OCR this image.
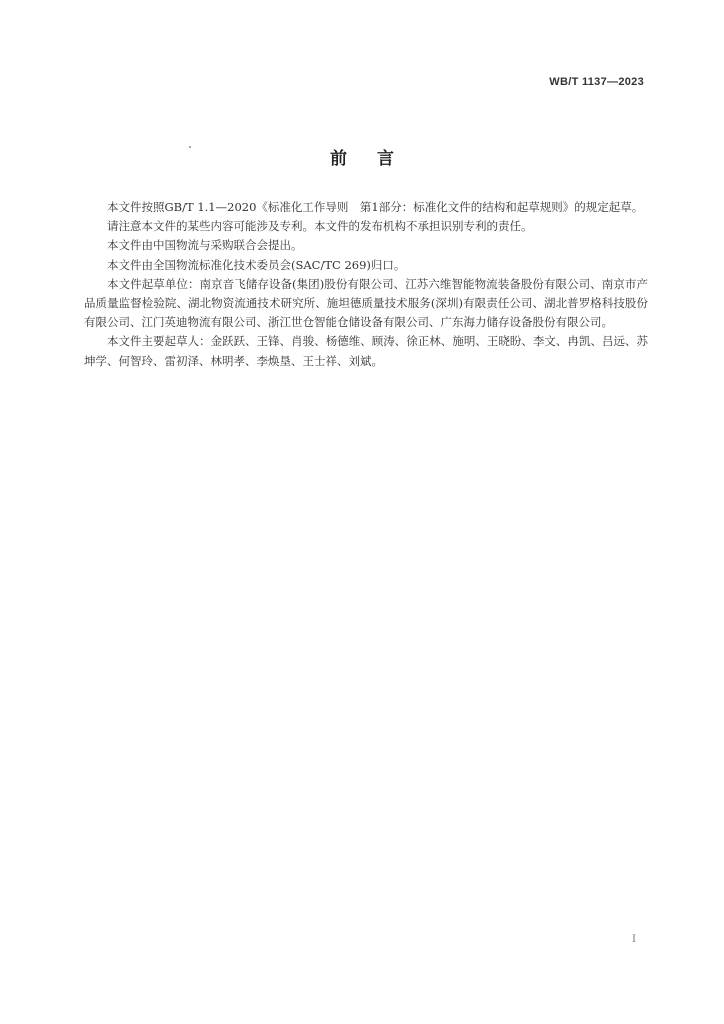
WB/T 1137—2023
前言

本文件按照GB/T 1.1—2020《标准化工作导则　第1部分：标准化文件的结构和起草规则》的规定起草。

请注意本文件的某些内容可能涉及专利。本文件的发布机构不承担识别专利的责任。

本文件由中国物流与采购联合会提出。

本文件由全国物流标准化技术委员会(SAC/TC 269)归口。

本文件起草单位：南京音飞储存设备(集团)股份有限公司、江苏六维智能物流装备股份有限公司、南京市产品质量监督检验院、湖北物资流通技术研究所、施坦德质量技术服务(深圳)有限责任公司、湖北普罗格科技股份有限公司、江门英迪物流有限公司、浙江世仓智能仓储设备有限公司、广东海力储存设备股份有限公司。

本文件主要起草人：金跃跃、王锋、肖骏、杨德维、顾涛、徐正林、施明、王晓盼、李文、冉凯、吕远、苏坤学、何智玲、雷初泽、林明孝、李焕垦、王士祥、刘斌。

I
